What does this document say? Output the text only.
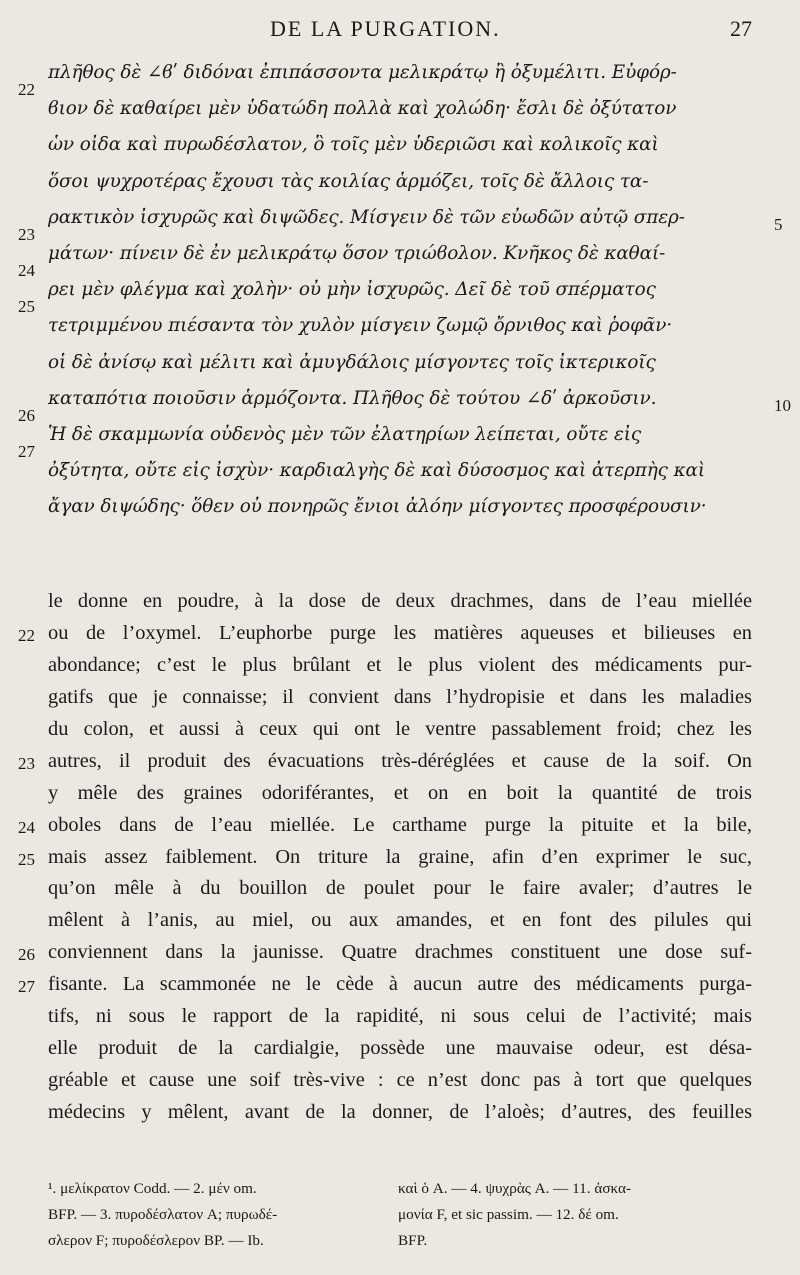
DE LA PURGATION.	27
22
πλῆθος δὲ ∠ϐʹ διδόναι ἐπιπάσσοντα μελικράτῳ ἢ ὀξυμέλιτι. Εὐφόρ-
ϐιον δὲ καθαίρει μὲν ὑδατώδη πολλὰ καὶ χολώδη· ἔσλι δὲ ὀξύτατον
ὧν οἶδα καὶ πυρωδέσλατον, ὃ τοῖς μὲν ὑδεριῶσι καὶ κολικοῖς καὶ
ὅσοι ψυχροτέρας ἔχουσι τὰς κοιλίας ἁρμόζει, τοῖς δὲ ἄλλοις τα-
23
ρακτικὸν ἰσχυρῶς καὶ διψῶδες. Μίσγειν δὲ τῶν εὐωδῶν αὐτῷ σπερ-	5
24
μάτων· πίνειν δὲ ἐν μελικράτῳ ὅσον τριώϐολον. Κνῆκος δὲ καθαί-
25
ρει μὲν φλέγμα καὶ χολὴν· οὐ μὴν ἰσχυρῶς. Δεῖ δὲ τοῦ σπέρματος
τετριμμένου πιέσαντα τὸν χυλὸν μίσγειν ζωμῷ ὄρνιθος καὶ ῥοφᾶν·
οἱ δὲ ἀνίσῳ καὶ μέλιτι καὶ ἀμυγδάλοις μίσγοντες τοῖς ἰκτερικοῖς
26
καταπότια ποιοῦσιν ἁρμόζοντα. Πλῆθος δὲ τούτου ∠δʹ ἀρκοῦσιν.	10
27
Ἡ δὲ σκαμμωνία οὐδενὸς μὲν τῶν ἐλατηρίων λείπεται, οὔτε εἰς
ὀξύτητα, οὔτε εἰς ἰσχὺν· καρδιαλγὴς δὲ καὶ δύσοσμος καὶ ἀτερπὴς καὶ
ἄγαν διψώδης· ὅθεν οὐ πονηρῶς ἔνιοι ἀλόην μίσγοντες προσφέρουσιν·
le donne en poudre, à la dose de deux drachmes, dans de l’eau miellée
22 ou de l’oxymel. L’euphorbe purge les matières aqueuses et bilieuses en
abondance; c’est le plus brûlant et le plus violent des médicaments pur-
gatifs que je connaisse; il convient dans l’hydropisie et dans les maladies
du colon, et aussi à ceux qui ont le ventre passablement froid; chez les
23 autres, il produit des évacuations très-déréglées et cause de la soif. On
y mêle des graines odoriférantes, et on en boit la quantité de trois
24 oboles dans de l’eau miellée. Le carthame purge la pituite et la bile,
25 mais assez faiblement. On triture la graine, afin d’en exprimer le suc,
qu’on mêle à du bouillon de poulet pour le faire avaler; d’autres le
mêlent à l’anis, au miel, ou aux amandes, et en font des pilules qui
26 conviennent dans la jaunisse. Quatre drachmes constituent une dose suf-
27 fisante. La scammonée ne le cède à aucun autre des médicaments purga-
tifs, ni sous le rapport de la rapidité, ni sous celui de l’activité; mais
elle produit de la cardialgie, possède une mauvaise odeur, est désa-
gréable et cause une soif très-vive : ce n’est donc pas à tort que quelques
médecins y mêlent, avant de la donner, de l’aloès; d’autres, des feuilles
¹. μελίκρατον Codd. — 2. μέν om.	καὶ ὁ A. — 4. ψυχρὰς A. — 11. ἀσκα-
BFP. — 3. πυροδέσλατον A; πυρωδέ-	μονία F, et sic passim. — 12. δέ om.
σλερον F; πυροδέσλερον BP. — Ib.	BFP.
